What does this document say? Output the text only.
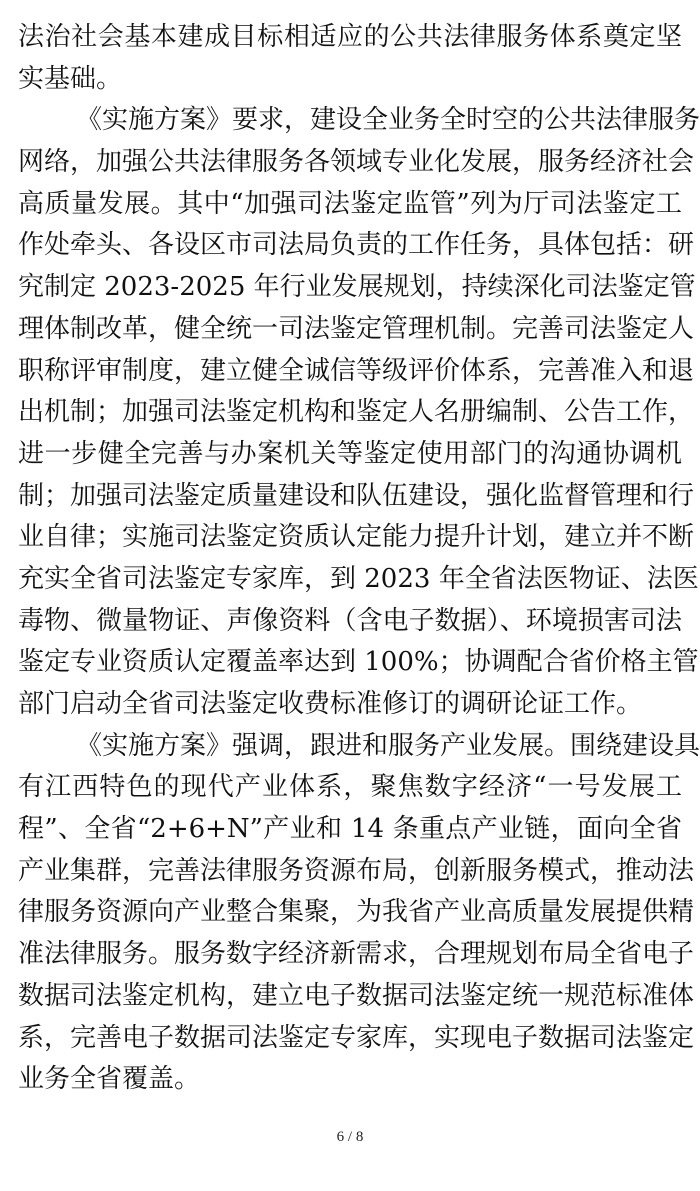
法治社会基本建成目标相适应的公共法律服务体系奠定坚
实基础。
《实施方案》要求，建设全业务全时空的公共法律服务
网络，加强公共法律服务各领域专业化发展，服务经济社会
高质量发展。其中“加强司法鉴定监管”列为厅司法鉴定工
作处牵头、各设区市司法局负责的工作任务，具体包括：研
究制定 2023-2025 年行业发展规划，持续深化司法鉴定管
理体制改革，健全统一司法鉴定管理机制。完善司法鉴定人
职称评审制度，建立健全诚信等级评价体系，完善准入和退
出机制；加强司法鉴定机构和鉴定人名册编制、公告工作，
进一步健全完善与办案机关等鉴定使用部门的沟通协调机
制；加强司法鉴定质量建设和队伍建设，强化监督管理和行
业自律；实施司法鉴定资质认定能力提升计划，建立并不断
充实全省司法鉴定专家库，到 2023 年全省法医物证、法医
毒物、微量物证、声像资料（含电子数据）、环境损害司法
鉴定专业资质认定覆盖率达到 100%；协调配合省价格主管
部门启动全省司法鉴定收费标准修订的调研论证工作。
《实施方案》强调，跟进和服务产业发展。围绕建设具
有江西特色的现代产业体系，聚焦数字经济“一号发展工
程”、全省“2+6+N”产业和 14 条重点产业链，面向全省
产业集群，完善法律服务资源布局，创新服务模式，推动法
律服务资源向产业整合集聚，为我省产业高质量发展提供精
准法律服务。服务数字经济新需求，合理规划布局全省电子
数据司法鉴定机构，建立电子数据司法鉴定统一规范标准体
系，完善电子数据司法鉴定专家库，实现电子数据司法鉴定
业务全省覆盖。
6 / 8
